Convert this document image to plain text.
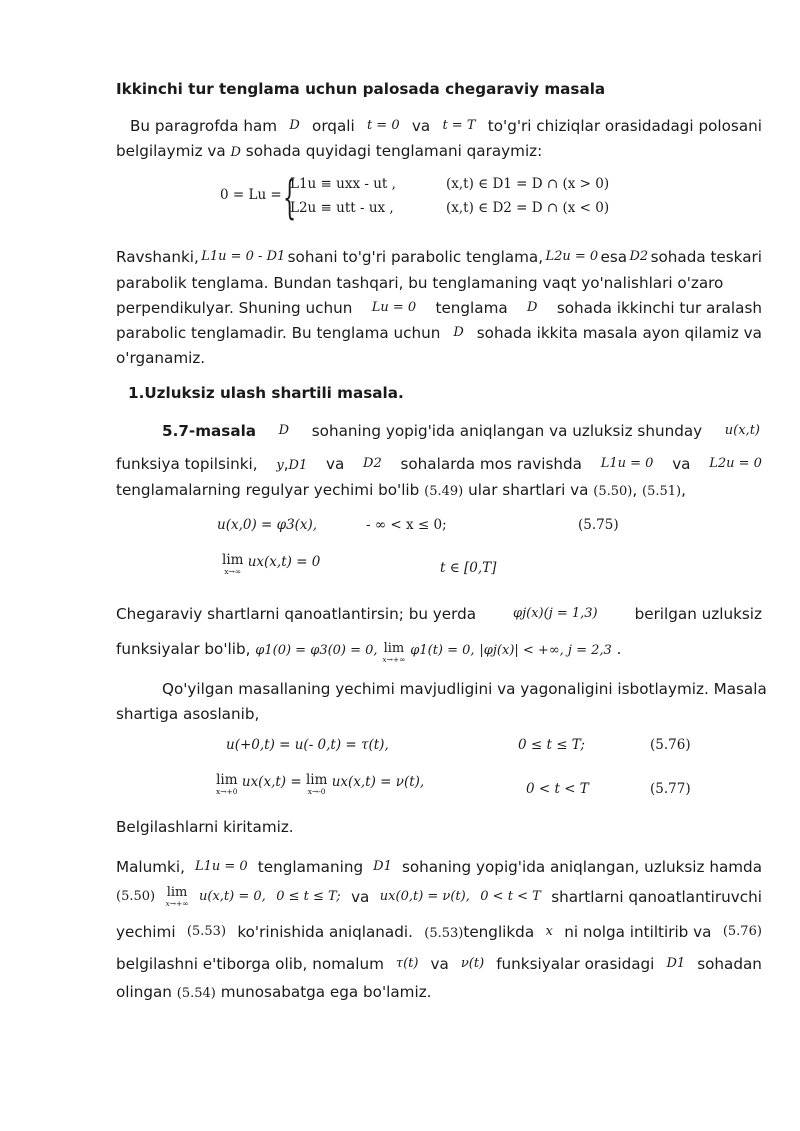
Ikkinchi tur tenglama uchun palosada chegaraviy masala
Bu paragrofda ham D orqali t = 0 va t = T to'g'ri chiziqlar orasidadagi polosani
belgilaymiz va D sohada quyidagi tenglamani qaraymiz:
0 = Lu = {
L1u ≡ uxx - ut ,	(x,t) ∈ D1 = D ∩ (x > 0)
L2u ≡ utt - ux ,	(x,t) ∈ D2 = D ∩ (x < 0)
Ravshanki, L1u = 0 - D1 sohani to'g'ri parabolic tenglama, L2u = 0 esa D2 sohada teskari
parabolik tenglama. Bundan tashqari, bu tenglamaning vaqt yo'nalishlari o'zaro
perpendikulyar. Shuning uchun Lu = 0 tenglama D sohada ikkinchi tur aralash
parabolic tenglamadir. Bu tenglama uchun D sohada ikkita masala ayon qilamiz va
o'rganamiz.
1.Uzluksiz ulash shartili masala.
5.7-masala D sohaning yopig'ida aniqlangan va uzluksiz shunday u(x,t)
funksiya topilsinki, y,D1 va D2 sohalarda mos ravishda L1u = 0 va L2u = 0
tenglamalarning regulyar yechimi bo'lib (5.49) ular shartlari va (5.50), (5.51),
u(x,0) = φ3(x),	- ∞ < x ≤ 0;	(5.75)
lim
x→∞
ux(x,t) = 0	t ∈ [0,T]
Chegaraviy shartlarni qanoatlantirsin; bu yerda	φj(x)(j = 1,3) berilgan uzluksiz
funksiyalar bo'lib, φ1(0) = φ3(0) = 0, lim
x→+∞
φ1(t) = 0, |φj(x)| < +∞, j = 2,3 .
Qo'yilgan masallaning yechimi mavjudligini va yagonaligini isbotlaymiz. Masala
shartiga asoslanib,
u(+0,t) = u(- 0,t) = τ(t),	0 ≤ t ≤ T;	(5.76)
lim
x→+0
ux(x,t) = lim
x→-0
ux(x,t) = ν(t),	0 < t < T	(5.77)
Belgilashlarni kiritamiz.
Malumki, L1u = 0 tenglamaning D1 sohaning yopig'ida aniqlangan, uzluksiz hamda
(5.50) lim
x→+∞ u(x,t) = 0, 0 ≤ t ≤ T; va ux(0,t) = ν(t), 0 < t < T shartlarni qanoatlantiruvchi
yechimi (5.53) ko'rinishida aniqlanadi. (5.53)tenglikda x ni nolga intiltirib va (5.76)
belgilashni e'tiborga olib, nomalum τ(t) va ν(t) funksiyalar orasidagi D1 sohadan
olingan (5.54) munosabatga ega bo'lamiz.
